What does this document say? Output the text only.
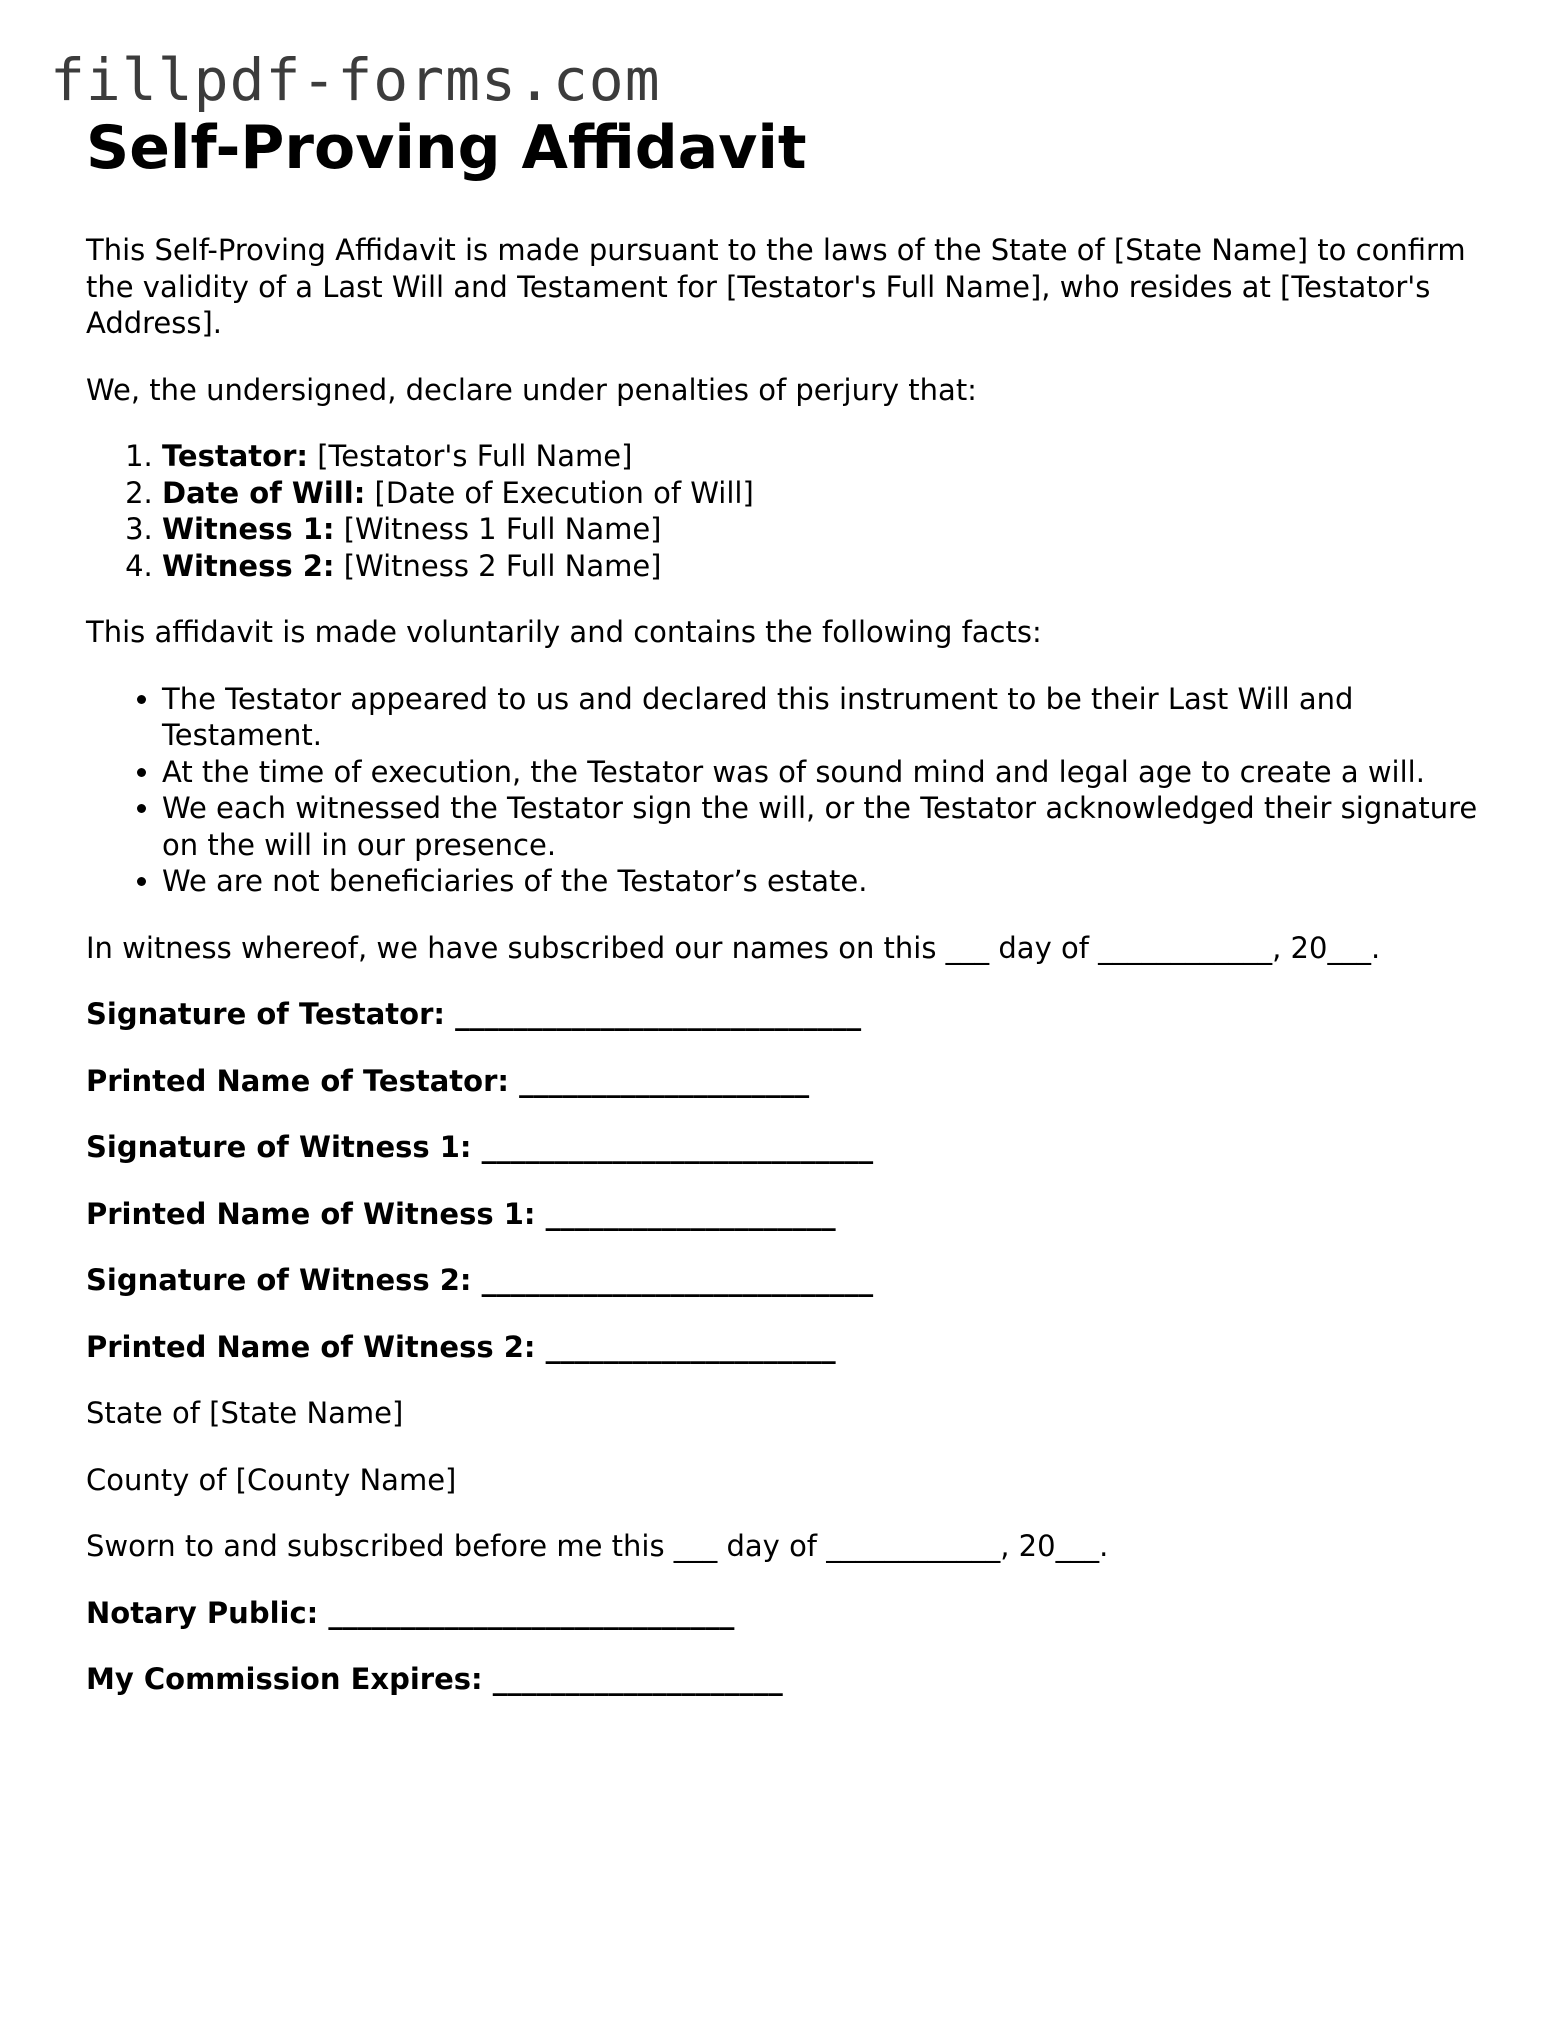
fillpdf-forms.com
Self-Proving Affidavit

This Self-Proving Affidavit is made pursuant to the laws of the State of [State Name] to confirm the validity of a Last Will and Testament for [Testator's Full Name], who resides at [Testator's Address].

We, the undersigned, declare under penalties of perjury that:

1. Testator: [Testator's Full Name]
2. Date of Will: [Date of Execution of Will]
3. Witness 1: [Witness 1 Full Name]
4. Witness 2: [Witness 2 Full Name]

This affidavit is made voluntarily and contains the following facts:

• The Testator appeared to us and declared this instrument to be their Last Will and Testament.
• At the time of execution, the Testator was of sound mind and legal age to create a will.
• We each witnessed the Testator sign the will, or the Testator acknowledged their signature on the will in our presence.
• We are not beneficiaries of the Testator’s estate.

In witness whereof, we have subscribed our names on this ___ day of ____________, 20___.

Signature of Testator: ____________________________

Printed Name of Testator: ____________________

Signature of Witness 1: ___________________________

Printed Name of Witness 1: ____________________

Signature of Witness 2: ___________________________

Printed Name of Witness 2: ____________________

State of [State Name]

County of [County Name]

Sworn to and subscribed before me this ___ day of ____________, 20___.

Notary Public: ____________________________

My Commission Expires: ____________________
